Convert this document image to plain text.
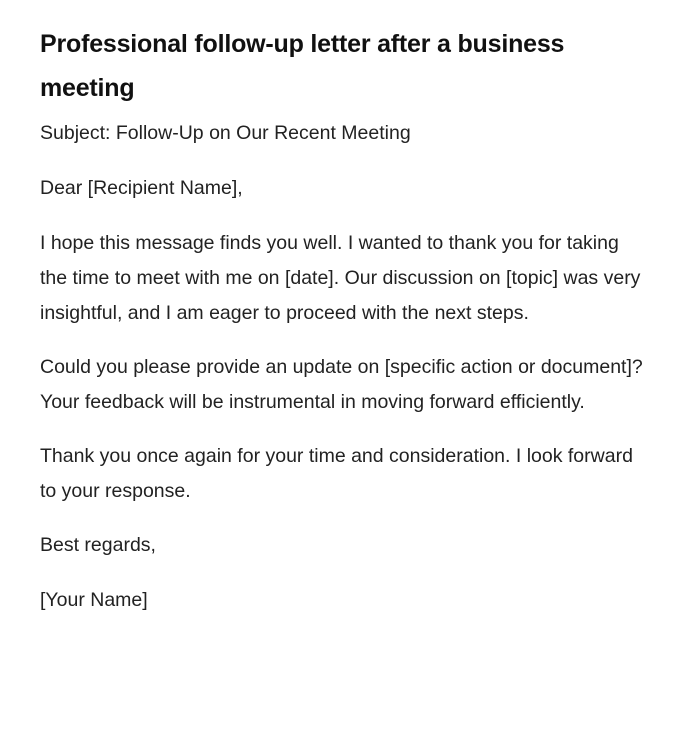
Professional follow-up letter after a business meeting

Subject: Follow-Up on Our Recent Meeting

Dear [Recipient Name],

I hope this message finds you well. I wanted to thank you for taking the time to meet with me on [date]. Our discussion on [topic] was very insightful, and I am eager to proceed with the next steps.

Could you please provide an update on [specific action or document]? Your feedback will be instrumental in moving forward efficiently.

Thank you once again for your time and consideration. I look forward to your response.

Best regards,

[Your Name]
